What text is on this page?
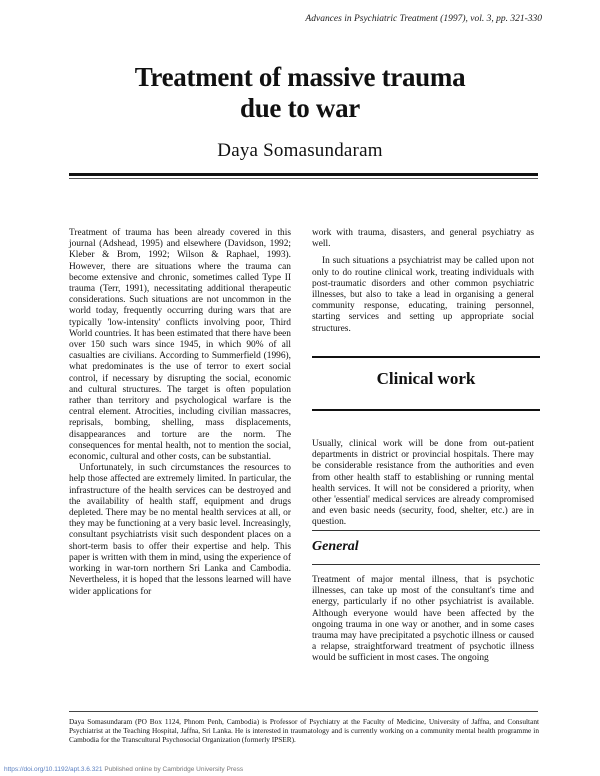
Advances in Psychiatric Treatment (1997), vol. 3, pp. 321-330
Treatment of massive trauma
due to war
Daya Somasundaram

Treatment of trauma has been already covered in this journal (Adshead, 1995) and elsewhere (Davidson, 1992; Kleber & Brom, 1992; Wilson & Raphael, 1993). However, there are situations where the trauma can become extensive and chronic, sometimes called Type II trauma (Terr, 1991), necessitating additional therapeutic considerations. Such situations are not uncommon in the world today, frequently occurring during wars that are typically 'low-intensity' conflicts involving poor, Third World countries. It has been estimated that there have been over 150 such wars since 1945, in which 90% of all casualties are civilians. According to Summerfield (1996), what predominates is the use of terror to exert social control, if necessary by disrupting the social, economic and cultural structures. The target is often population rather than territory and psychological warfare is the central element. Atrocities, including civilian massacres, reprisals, bombing, shelling, mass displacements, disappearances and torture are the norm. The consequences for mental health, not to mention the social, economic, cultural and other costs, can be substantial.

Unfortunately, in such circumstances the resources to help those affected are extremely limited. In particular, the infrastructure of the health services can be destroyed and the availability of health staff, equipment and drugs depleted. There may be no mental health services at all, or they may be functioning at a very basic level. Increasingly, consultant psychiatrists visit such despondent places on a short-term basis to offer their expertise and help. This paper is written with them in mind, using the experience of working in war-torn northern Sri Lanka and Cambodia. Nevertheless, it is hoped that the lessons learned will have wider applications for

work with trauma, disasters, and general psychiatry as well.

In such situations a psychiatrist may be called upon not only to do routine clinical work, treating individuals with post-traumatic disorders and other common psychiatric illnesses, but also to take a lead in organising a general community response, educating, training personnel, starting services and setting up appropriate social structures.

Clinical work

Usually, clinical work will be done from out-patient departments in district or provincial hospitals. There may be considerable resistance from the authorities and even from other health staff to establishing or running mental health services. It will not be considered a priority, when other 'essential' medical services are already compromised and even basic needs (security, food, shelter, etc.) are in question.

General

Treatment of major mental illness, that is psychotic illnesses, can take up most of the consultant's time and energy, particularly if no other psychiatrist is available. Although everyone would have been affected by the ongoing trauma in one way or another, and in some cases trauma may have precipitated a psychotic illness or caused a relapse, straightforward treatment of psychotic illness would be sufficient in most cases. The ongoing

Daya Somasundaram (PO Box 1124, Phnom Penh, Cambodia) is Professor of Psychiatry at the Faculty of Medicine, University of Jaffna, and Consultant Psychiatrist at the Teaching Hospital, Jaffna, Sri Lanka. He is interested in traumatology and is currently working on a community mental health programme in Cambodia for the Transcultural Psychosocial Organization (formerly IPSER).
https://doi.org/10.1192/apt.3.6.321 Published online by Cambridge University Press
